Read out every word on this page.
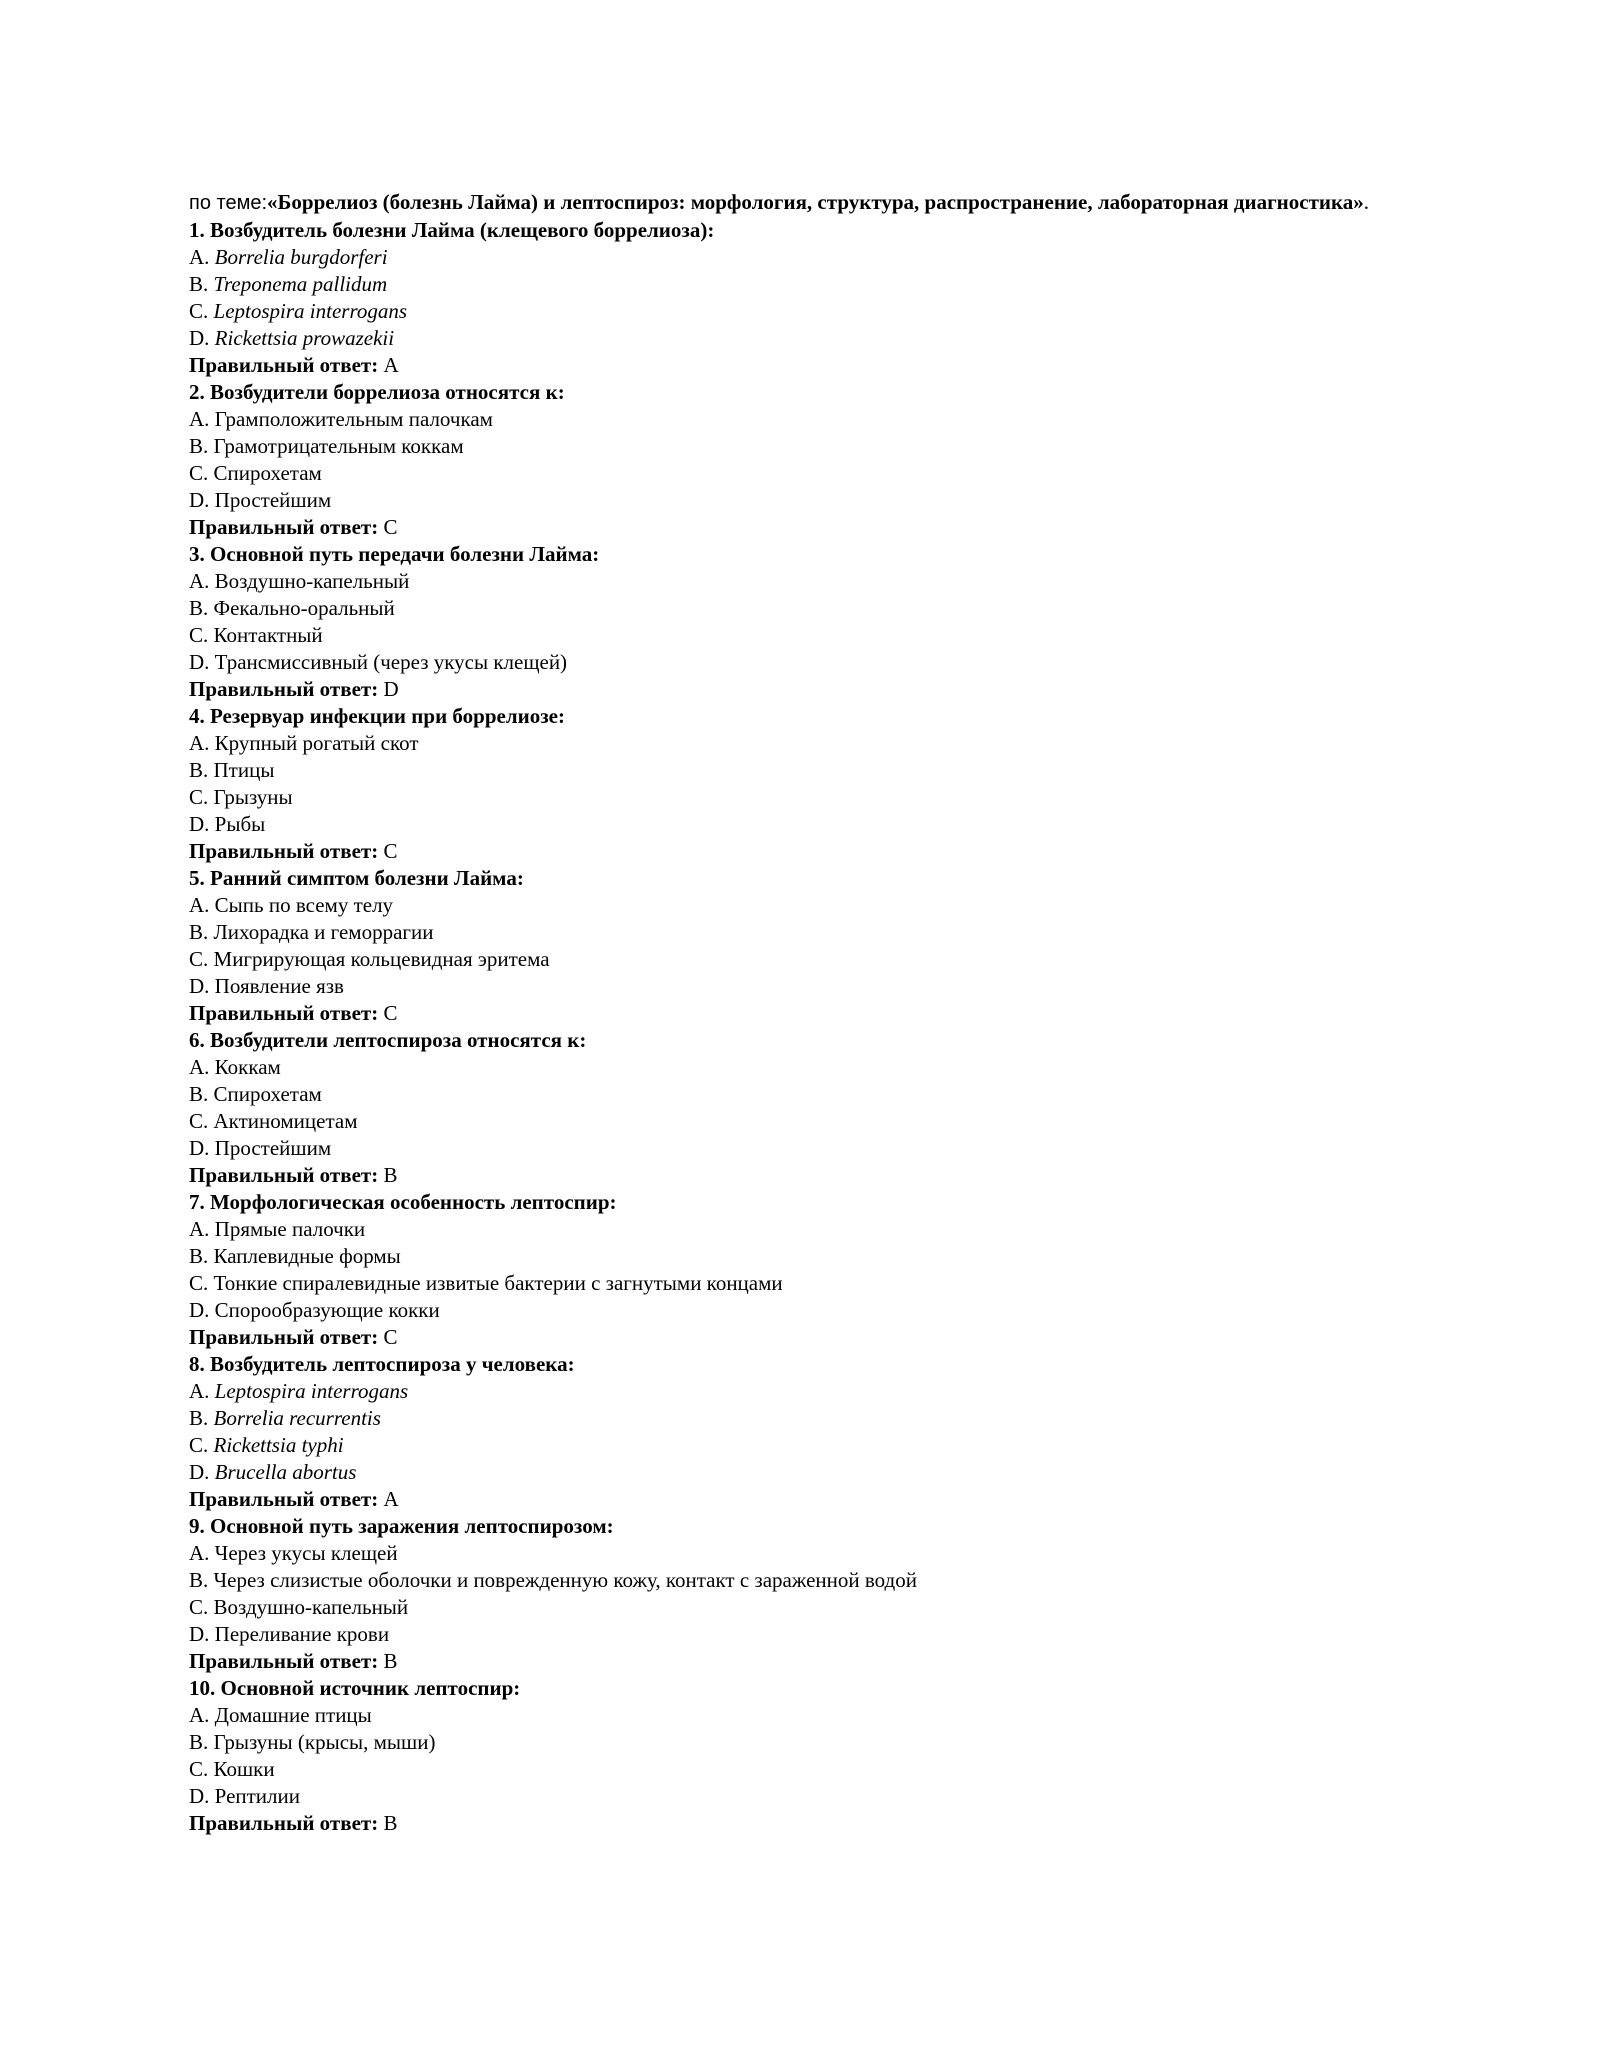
по теме:«Боррелиоз (болезнь Лайма) и лептоспироз: морфология, структура, распространение, лабораторная диагностика».
1. Возбудитель болезни Лайма (клещевого боррелиоза):
A. Borrelia burgdorferi
B. Treponema pallidum
C. Leptospira interrogans
D. Rickettsia prowazekii
Правильный ответ: A
2. Возбудители боррелиоза относятся к:
A. Грамположительным палочкам
B. Грамотрицательным коккам
C. Спирохетам
D. Простейшим
Правильный ответ: C
3. Основной путь передачи болезни Лайма:
A. Воздушно-капельный
B. Фекально-оральный
C. Контактный
D. Трансмиссивный (через укусы клещей)
Правильный ответ: D
4. Резервуар инфекции при боррелиозе:
A. Крупный рогатый скот
B. Птицы
C. Грызуны
D. Рыбы
Правильный ответ: C
5. Ранний симптом болезни Лайма:
A. Сыпь по всему телу
B. Лихорадка и геморрагии
C. Мигрирующая кольцевидная эритема
D. Появление язв
Правильный ответ: C
6. Возбудители лептоспироза относятся к:
A. Коккам
B. Спирохетам
C. Актиномицетам
D. Простейшим
Правильный ответ: B
7. Морфологическая особенность лептоспир:
A. Прямые палочки
B. Каплевидные формы
C. Тонкие спиралевидные извитые бактерии с загнутыми концами
D. Спорообразующие кокки
Правильный ответ: C
8. Возбудитель лептоспироза у человека:
A. Leptospira interrogans
B. Borrelia recurrentis
C. Rickettsia typhi
D. Brucella abortus
Правильный ответ: A
9. Основной путь заражения лептоспирозом:
A. Через укусы клещей
B. Через слизистые оболочки и поврежденную кожу, контакт с зараженной водой
C. Воздушно-капельный
D. Переливание крови
Правильный ответ: B
10. Основной источник лептоспир:
A. Домашние птицы
B. Грызуны (крысы, мыши)
C. Кошки
D. Рептилии
Правильный ответ: B
